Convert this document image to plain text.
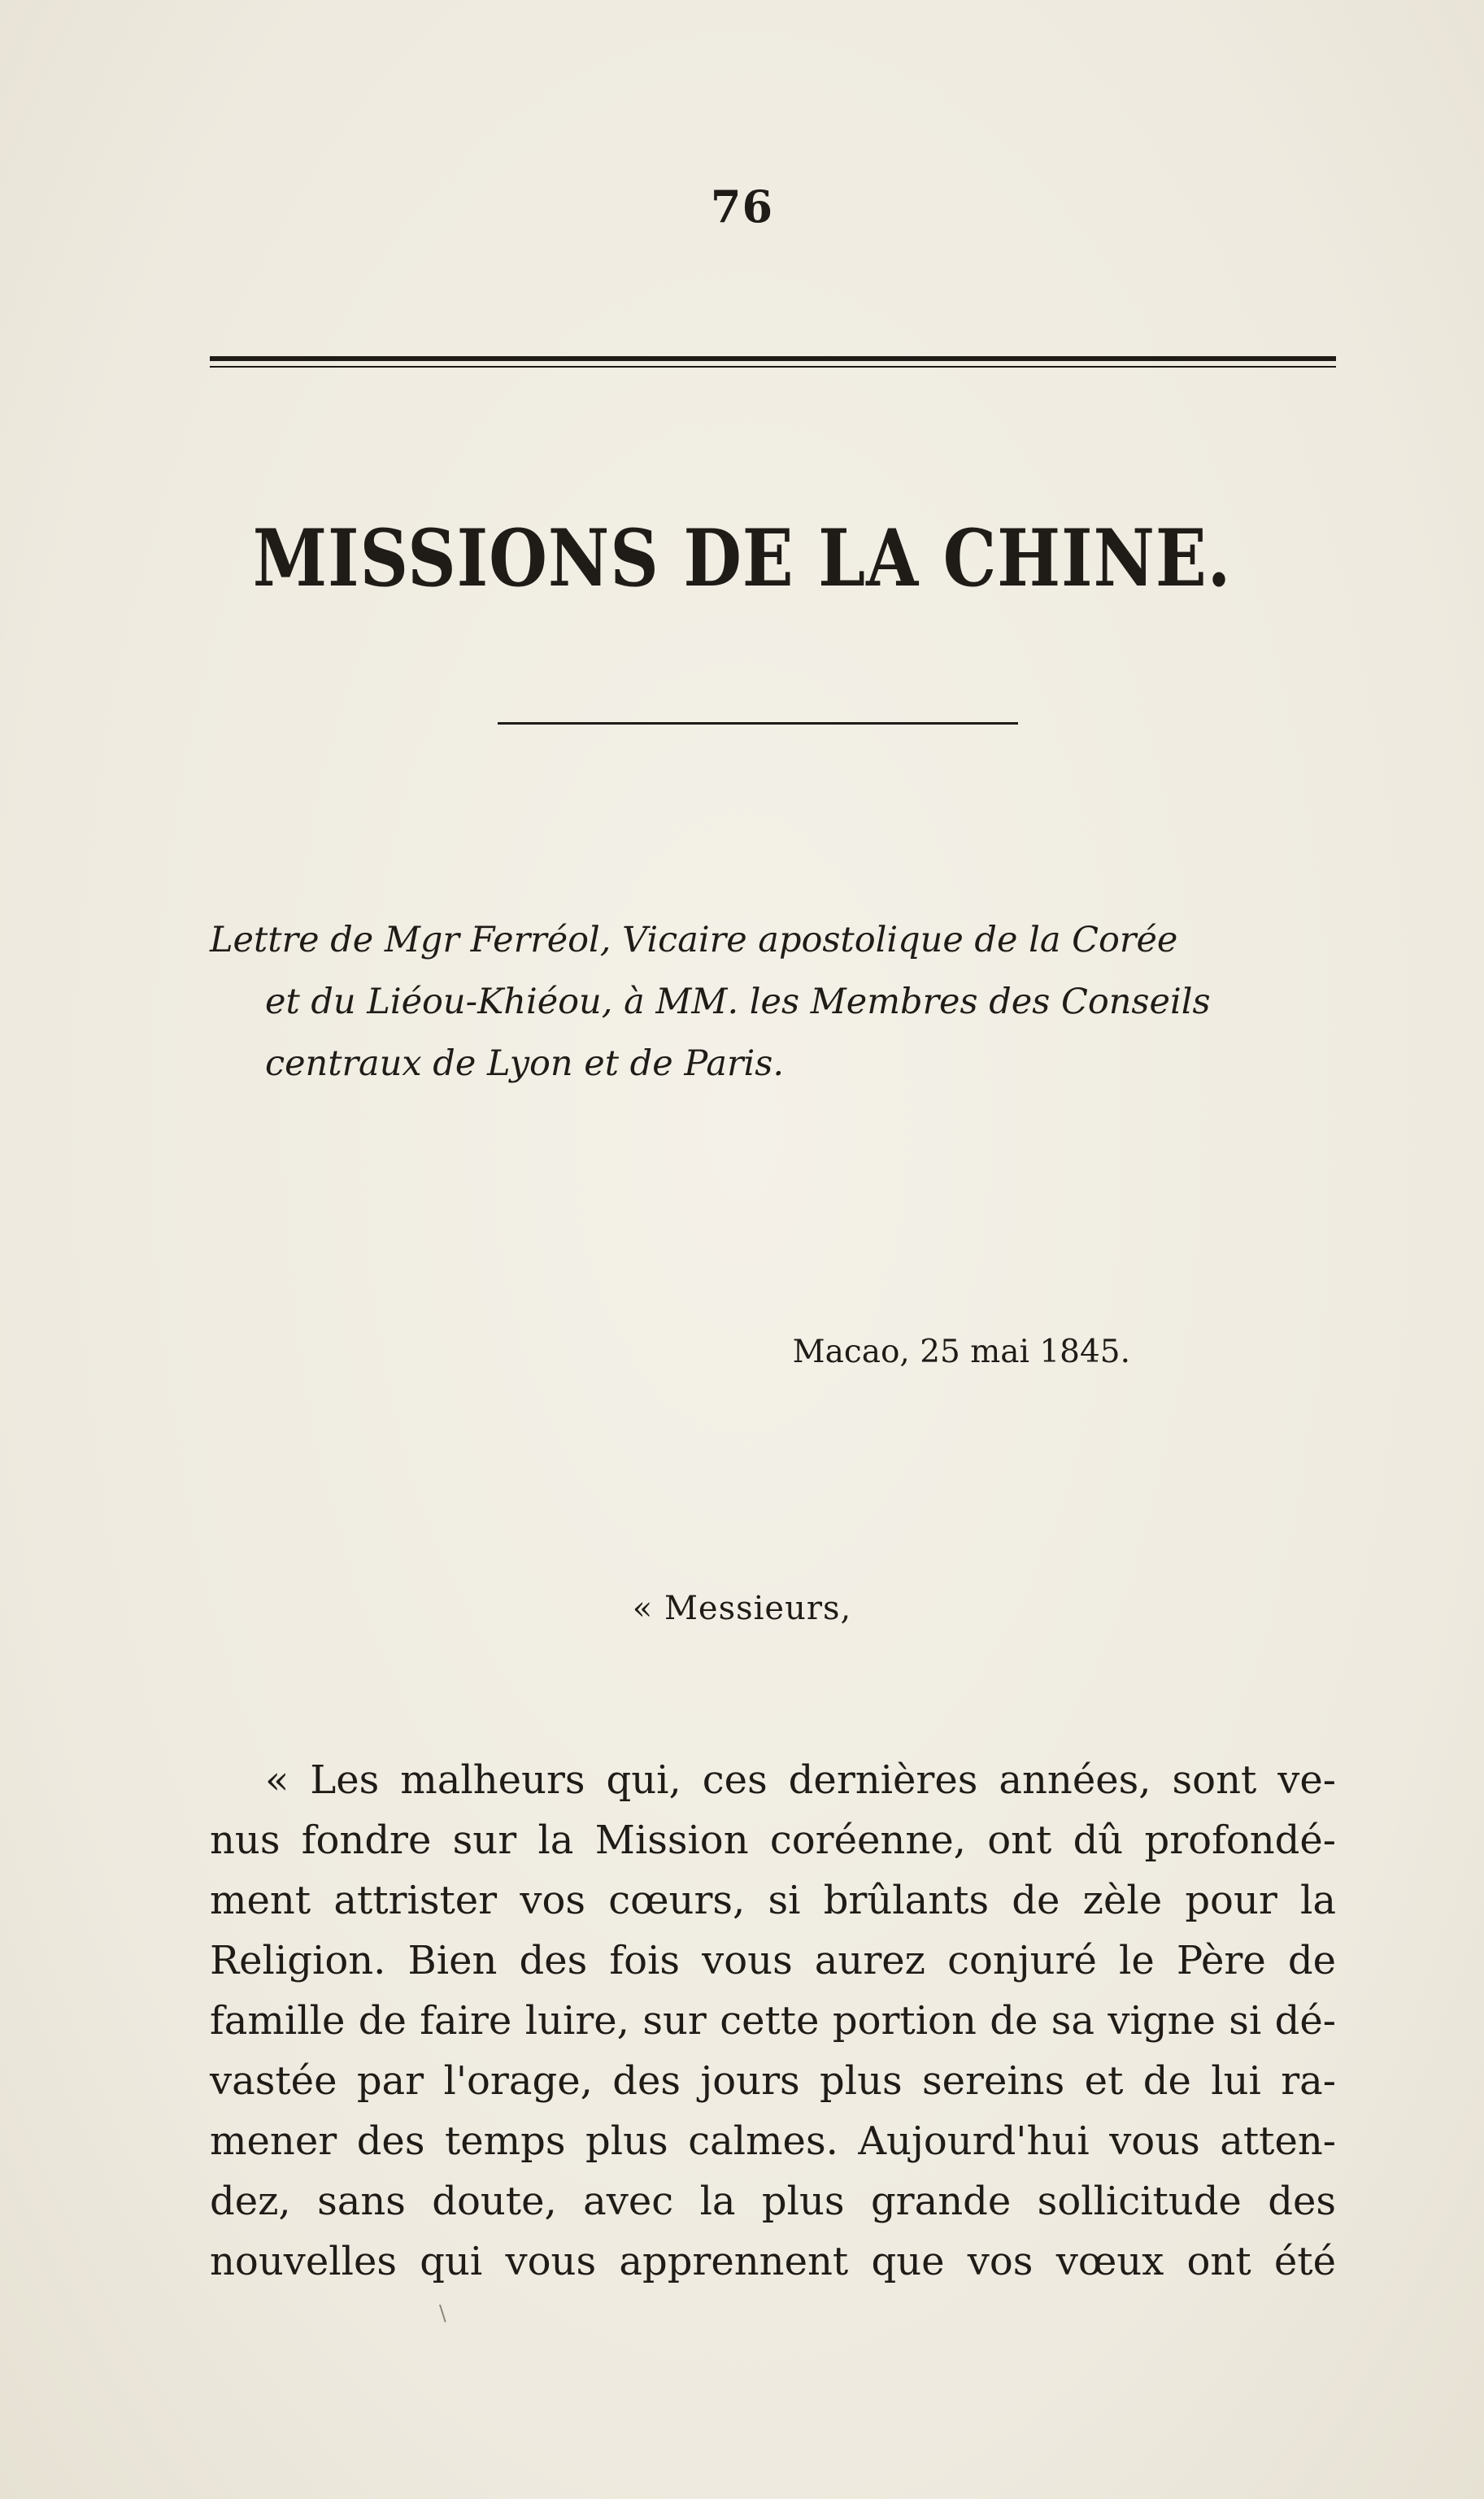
76
MISSIONS DE LA CHINE.
Lettre de Mgr Ferréol, Vicaire apostolique de la Corée
et du Liéou-Khiéou, à MM. les Membres des Conseils
centraux de Lyon et de Paris.
Macao, 25 mai 1845.
« Messieurs,
« Les malheurs qui, ces dernières années, sont ve-
nus fondre sur la Mission coréenne, ont dû profondé-
ment attrister vos cœurs, si brûlants de zèle pour la
Religion. Bien des fois vous aurez conjuré le Père de
famille de faire luire, sur cette portion de sa vigne si dé-
vastée par l'orage, des jours plus sereins et de lui ra-
mener des temps plus calmes. Aujourd'hui vous atten-
dez, sans doute, avec la plus grande sollicitude des
nouvelles qui vous apprennent que vos vœux ont été
\
